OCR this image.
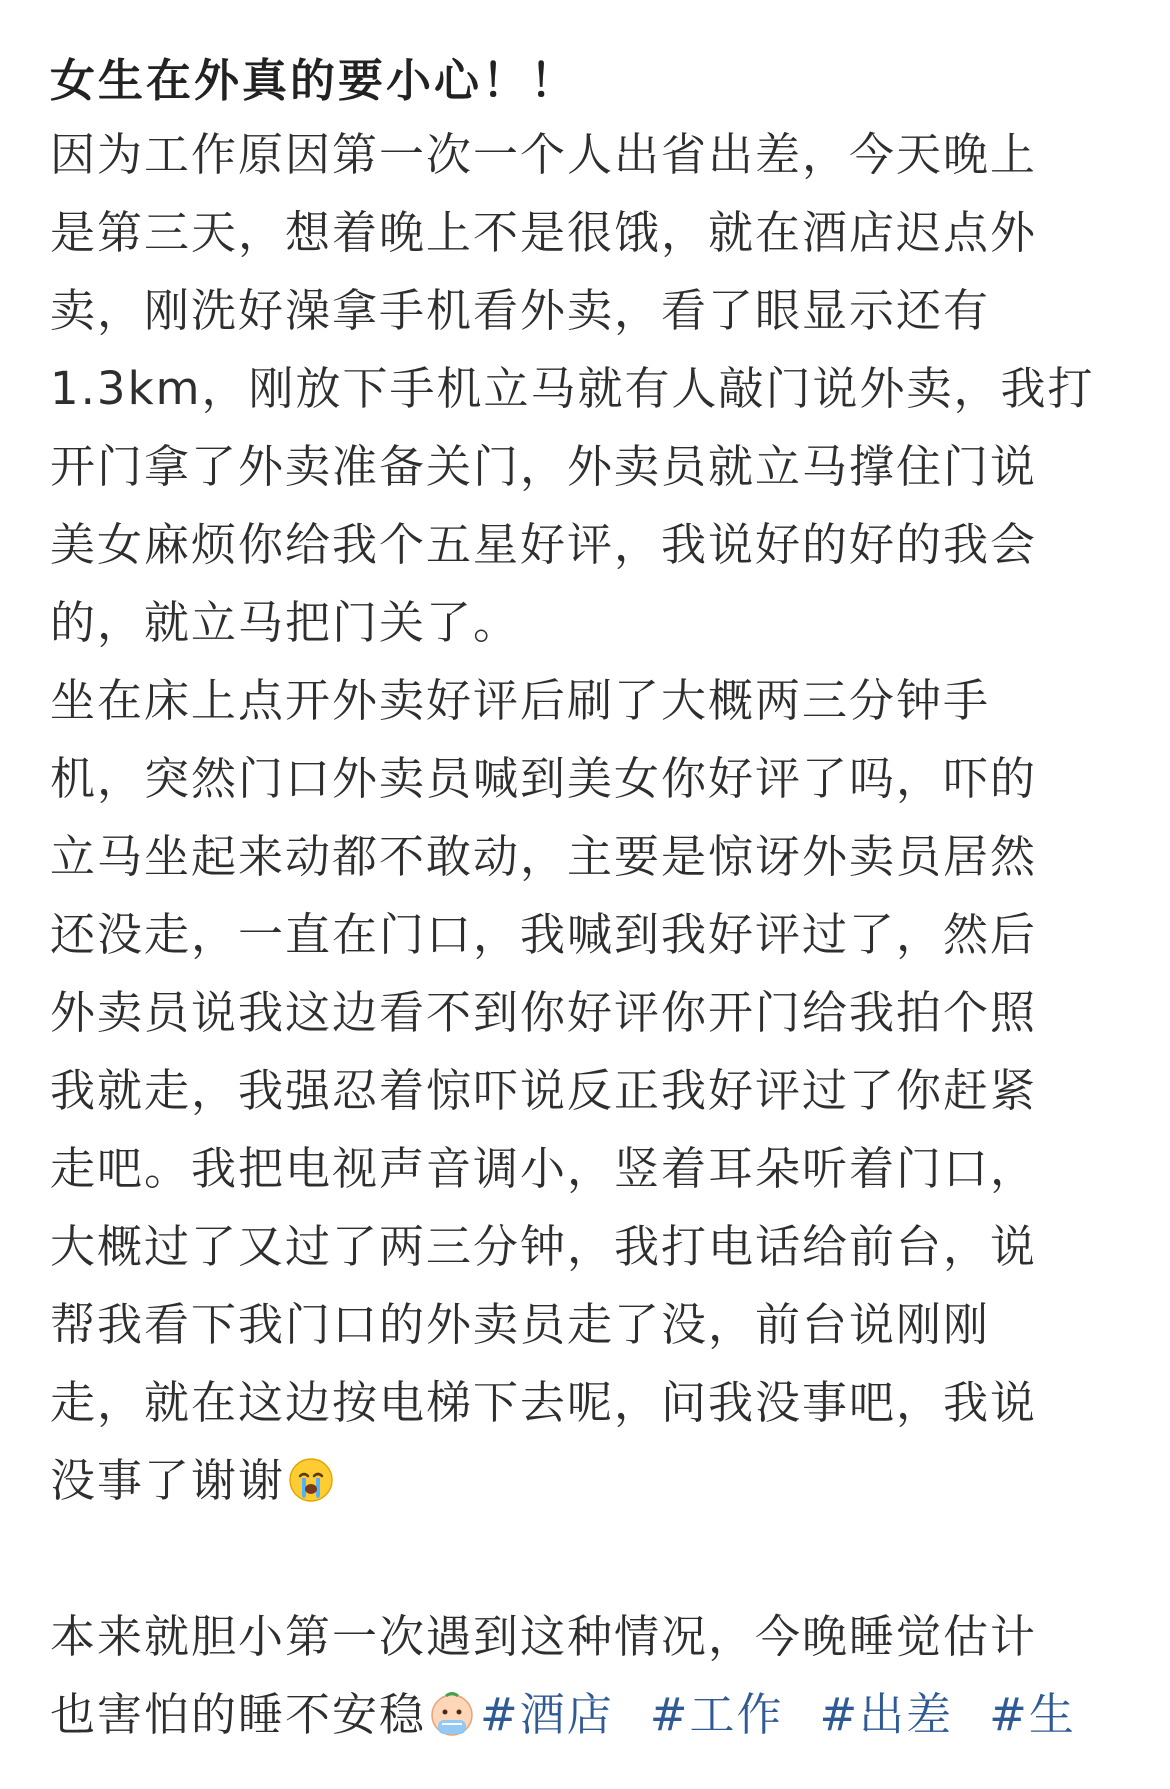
女生在外真的要小心！！
因为工作原因第一次一个人出省出差，今天晚上
是第三天，想着晚上不是很饿，就在酒店迟点外
卖，刚洗好澡拿手机看外卖，看了眼显示还有
1.3km，刚放下手机立马就有人敲门说外卖，我打
开门拿了外卖准备关门，外卖员就立马撑住门说
美女麻烦你给我个五星好评，我说好的好的我会
的，就立马把门关了。
坐在床上点开外卖好评后刷了大概两三分钟手
机，突然门口外卖员喊到美女你好评了吗，吓的
立马坐起来动都不敢动，主要是惊讶外卖员居然
还没走，一直在门口，我喊到我好评过了，然后
外卖员说我这边看不到你好评你开门给我拍个照
我就走，我强忍着惊吓说反正我好评过了你赶紧
走吧。我把电视声音调小，竖着耳朵听着门口，
大概过了又过了两三分钟，我打电话给前台，说
帮我看下我门口的外卖员走了没，前台说刚刚
走，就在这边按电梯下去呢，问我没事吧，我说
没事了谢谢
本来就胆小第一次遇到这种情况，今晚睡觉估计
也害怕的睡不安稳 #酒店 #工作 #出差 #生
